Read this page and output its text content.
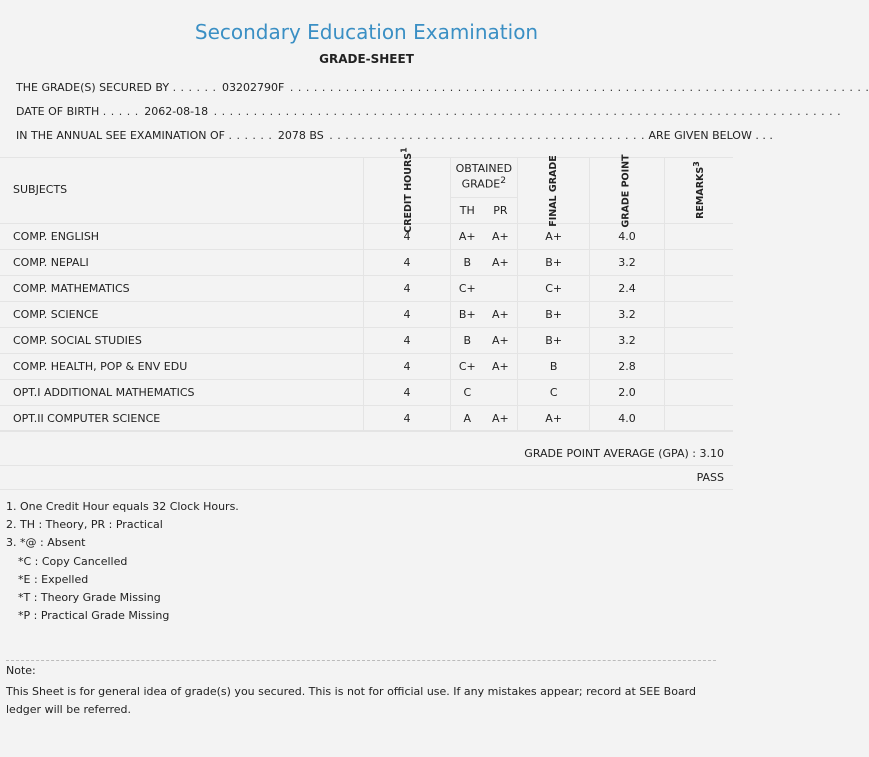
Secondary Education Examination
GRADE-SHEET
THE GRADE(S) SECURED BY . . . . . . 03202790F . . . . . . . . . . . . . . . . . . . . . . . . . . . . . . . . . . . . . . . . . . . . . . . . . . . . . . . . . . . . . . . . . . . . . . . . .
DATE OF BIRTH . . . . . 2062-08-18 . . . . . . . . . . . . . . . . . . . . . . . . . . . . . . . . . . . . . . . . . . . . . . . . . . . . . . . . . . . . . . . . . . . . . . . . . . . . . . .
IN THE ANNUAL SEE EXAMINATION OF . . . . . . 2078 BS . . . . . . . . . . . . . . . . . . . . . . . . . . . . . . . . . . . . . . . . ARE GIVEN BELOW . . .
SUBJECTS	CREDIT HOURS$^1$	OBTAINED GRADE$^2$		FINAL GRADE	GRADE POINT	REMARKS$^3$
		TH	PR			
COMP. ENGLISH	4	A+	A+	A+	4.0	
COMP. NEPALI	4	B	A+	B+	3.2	
COMP. MATHEMATICS	4	C+		C+	2.4	
COMP. SCIENCE	4	B+	A+	B+	3.2	
COMP. SOCIAL STUDIES	4	B	A+	B+	3.2	
COMP. HEALTH, POP & ENV EDU	4	C+	A+	B	2.8	
OPT.I ADDITIONAL MATHEMATICS	4	C		C	2.0	
OPT.II COMPUTER SCIENCE	4	A	A+	A+	4.0	
GRADE POINT AVERAGE (GPA) : 3.10
PASS
1. One Credit Hour equals 32 Clock Hours.
2. TH : Theory, PR : Practical
3. *@ : Absent
*C : Copy Cancelled
*E : Expelled
*T : Theory Grade Missing
*P : Practical Grade Missing
Note:
This Sheet is for general idea of grade(s) you secured. This is not for official use. If any mistakes appear; record at SEE Board ledger will be referred.
